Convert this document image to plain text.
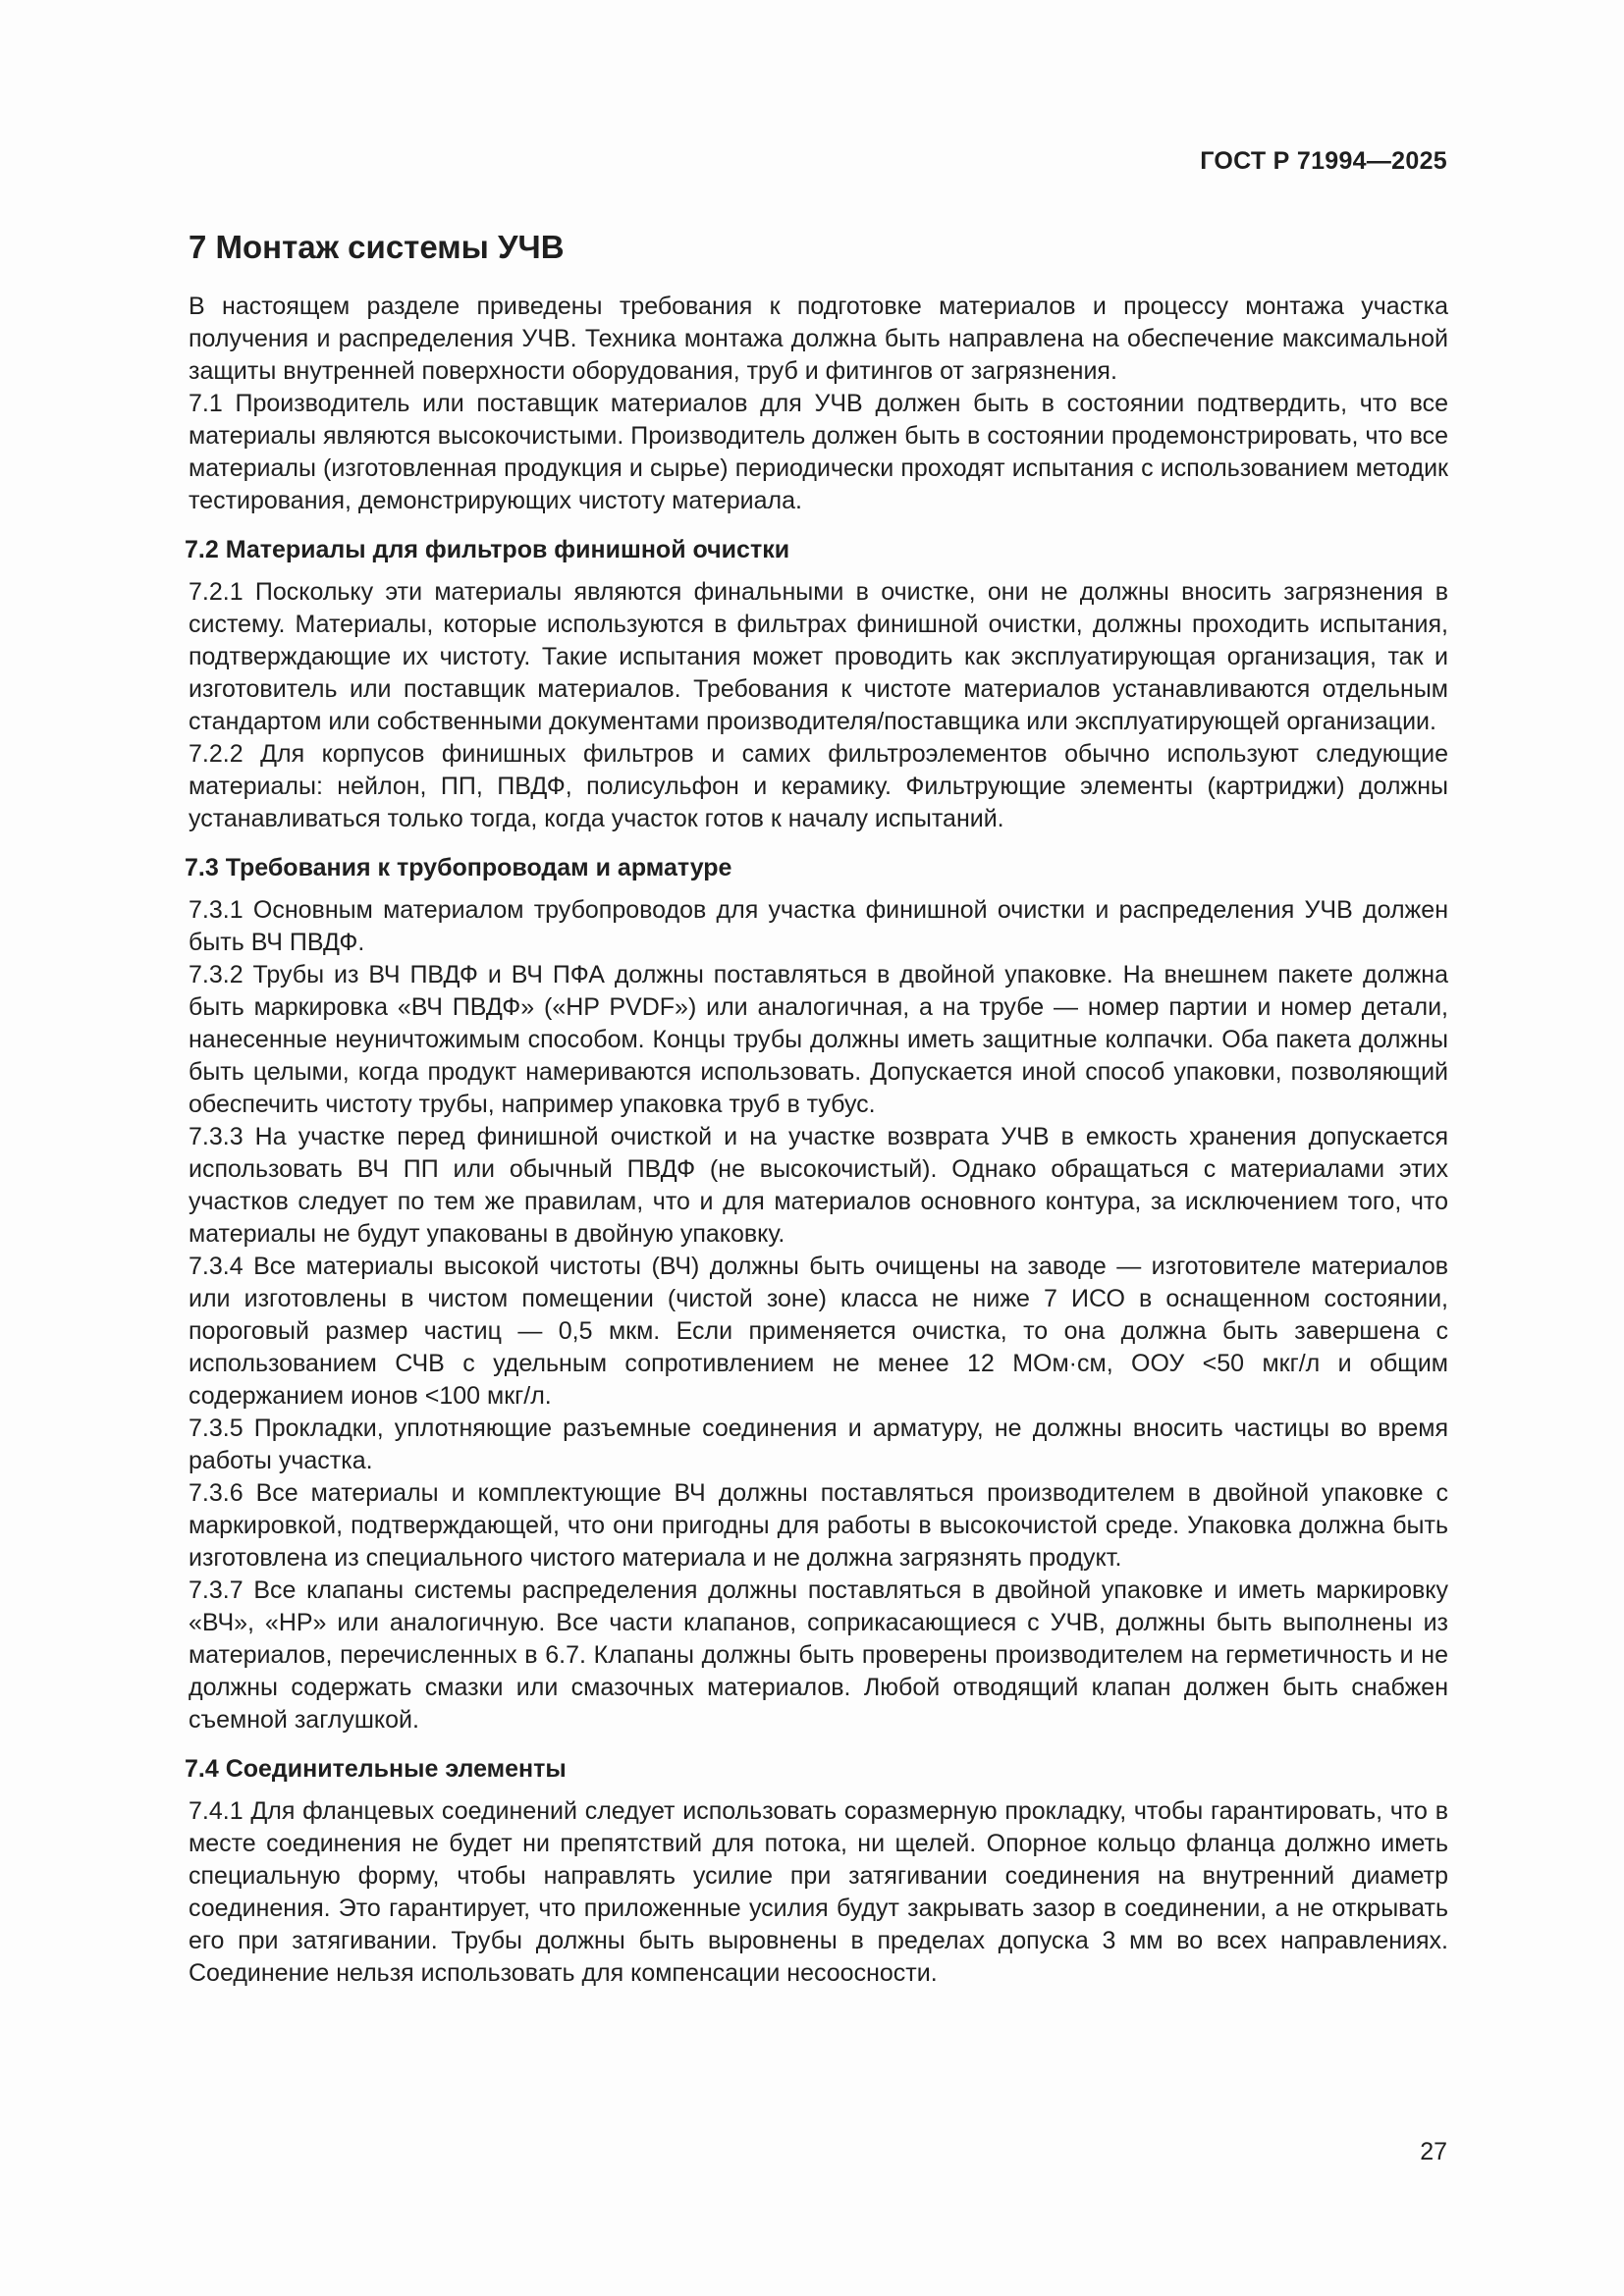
ГОСТ Р 71994—2025
7 Монтаж системы УЧВ

В настоящем разделе приведены требования к подготовке материалов и процессу монтажа участка получения и распределения УЧВ. Техника монтажа должна быть направлена на обеспечение максимальной защиты внутренней поверхности оборудования, труб и фитингов от загрязнения.

7.1 Производитель или поставщик материалов для УЧВ должен быть в состоянии подтвердить, что все материалы являются высокочистыми. Производитель должен быть в состоянии продемонстрировать, что все материалы (изготовленная продукция и сырье) периодически проходят испытания с использованием методик тестирования, демонстрирующих чистоту материала.

7.2 Материалы для фильтров финишной очистки

7.2.1 Поскольку эти материалы являются финальными в очистке, они не должны вносить загрязнения в систему. Материалы, которые используются в фильтрах финишной очистки, должны проходить испытания, подтверждающие их чистоту. Такие испытания может проводить как эксплуатирующая организация, так и изготовитель или поставщик материалов. Требования к чистоте материалов устанавливаются отдельным стандартом или собственными документами производителя/поставщика или эксплуатирующей организации.

7.2.2 Для корпусов финишных фильтров и самих фильтроэлементов обычно используют следующие материалы: нейлон, ПП, ПВДФ, полисульфон и керамику. Фильтрующие элементы (картриджи) должны устанавливаться только тогда, когда участок готов к началу испытаний.

7.3 Требования к трубопроводам и арматуре

7.3.1 Основным материалом трубопроводов для участка финишной очистки и распределения УЧВ должен быть ВЧ ПВДФ.

7.3.2 Трубы из ВЧ ПВДФ и ВЧ ПФА должны поставляться в двойной упаковке. На внешнем пакете должна быть маркировка «ВЧ ПВДФ» («HP PVDF») или аналогичная, а на трубе — номер партии и номер детали, нанесенные неуничтожимым способом. Концы трубы должны иметь защитные колпачки. Оба пакета должны быть целыми, когда продукт намериваются использовать. Допускается иной способ упаковки, позволяющий обеспечить чистоту трубы, например упаковка труб в тубус.

7.3.3 На участке перед финишной очисткой и на участке возврата УЧВ в емкость хранения допускается использовать ВЧ ПП или обычный ПВДФ (не высокочистый). Однако обращаться с материалами этих участков следует по тем же правилам, что и для материалов основного контура, за исключением того, что материалы не будут упакованы в двойную упаковку.

7.3.4 Все материалы высокой чистоты (ВЧ) должны быть очищены на заводе — изготовителе материалов или изготовлены в чистом помещении (чистой зоне) класса не ниже 7 ИСО в оснащенном состоянии, пороговый размер частиц — 0,5 мкм. Если применяется очистка, то она должна быть завершена с использованием СЧВ с удельным сопротивлением не менее 12 МОм·см, ООУ <50 мкг/л и общим содержанием ионов <100 мкг/л.

7.3.5 Прокладки, уплотняющие разъемные соединения и арматуру, не должны вносить частицы во время работы участка.

7.3.6 Все материалы и комплектующие ВЧ должны поставляться производителем в двойной упаковке с маркировкой, подтверждающей, что они пригодны для работы в высокочистой среде. Упаковка должна быть изготовлена из специального чистого материала и не должна загрязнять продукт.

7.3.7 Все клапаны системы распределения должны поставляться в двойной упаковке и иметь маркировку «ВЧ», «HP» или аналогичную. Все части клапанов, соприкасающиеся с УЧВ, должны быть выполнены из материалов, перечисленных в 6.7. Клапаны должны быть проверены производителем на герметичность и не должны содержать смазки или смазочных материалов. Любой отводящий клапан должен быть снабжен съемной заглушкой.

7.4 Соединительные элементы

7.4.1 Для фланцевых соединений следует использовать соразмерную прокладку, чтобы гарантировать, что в месте соединения не будет ни препятствий для потока, ни щелей. Опорное кольцо фланца должно иметь специальную форму, чтобы направлять усилие при затягивании соединения на внутренний диаметр соединения. Это гарантирует, что приложенные усилия будут закрывать зазор в соединении, а не открывать его при затягивании. Трубы должны быть выровнены в пределах допуска 3 мм во всех направлениях. Соединение нельзя использовать для компенсации несоосности.

27
